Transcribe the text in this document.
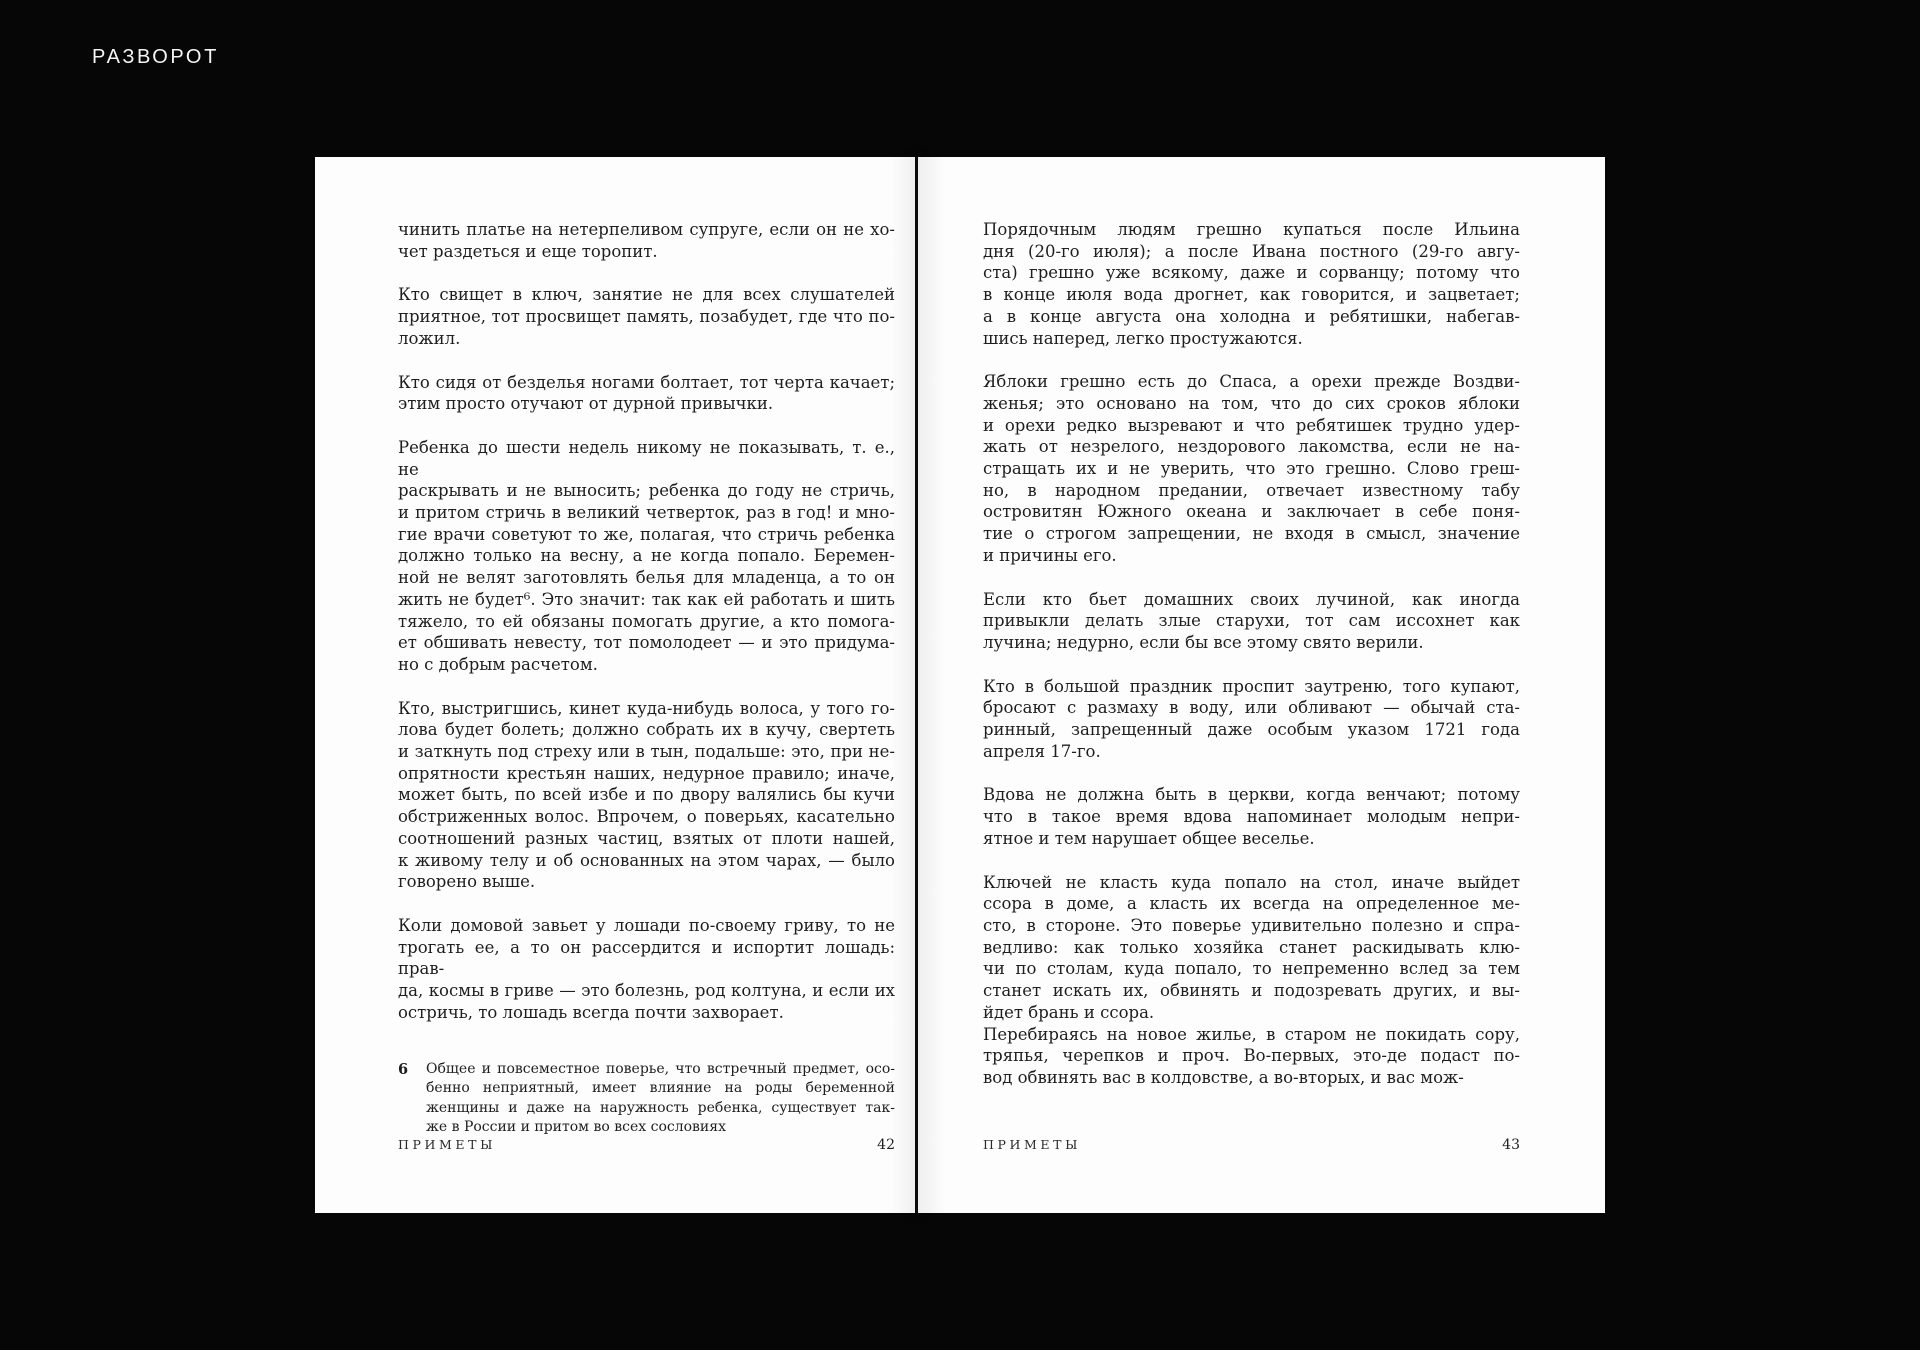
РАЗВОРОТ
чинить платье на нетерпеливом супруге, если он не хо-
чет раздеться и еще торопит.
Кто свищет в ключ, занятие не для всех слушателей
приятное, тот просвищет память, позабудет, где что по-
ложил.
Кто сидя от безделья ногами болтает, тот черта качает;
этим просто отучают от дурной привычки.
Ребенка до шести недель никому не показывать, т. е., не
раскрывать и не выносить; ребенка до году не стричь,
и притом стричь в великий четверток, раз в год! и мно-
гие врачи советуют то же, полагая, что стричь ребенка
должно только на весну, а не когда попало. Беремен-
ной не велят заготовлять белья для младенца, а то он
жить не будет⁶. Это значит: так как ей работать и шить
тяжело, то ей обязаны помогать другие, а кто помога-
ет обшивать невесту, тот помолодеет — и это придума-
но с добрым расчетом.
Кто, выстригшись, кинет куда-нибудь волоса, у того го-
лова будет болеть; должно собрать их в кучу, свертеть
и заткнуть под стреху или в тын, подальше: это, при не-
опрятности крестьян наших, недурное правило; иначе,
может быть, по всей избе и по двору валялись бы кучи
обстриженных волос. Впрочем, о поверьях, касательно
соотношений разных частиц, взятых от плоти нашей,
к живому телу и об основанных на этом чарах, — было
говорено выше.
Коли домовой завьет у лошади по-своему гриву, то не
трогать ее, а то он рассердится и испортит лошадь: прав-
да, космы в гриве — это болезнь, род колтуна, и если их
остричь, то лошадь всегда почти захворает.
6	Общее и повсеместное поверье, что встречный предмет, осо-
бенно неприятный, имеет влияние на роды беременной
женщины и даже на наружность ребенка, существует так-
же в России и притом во всех сословиях
ПРИМЕТЫ	42
Порядочным людям грешно купаться после Ильина
дня (20-го июля); а после Ивана постного (29-го авгу-
ста) грешно уже всякому, даже и сорванцу; потому что
в конце июля вода дрогнет, как говорится, и зацветает;
а в конце августа она холодна и ребятишки, набегав-
шись наперед, легко простужаются.
Яблоки грешно есть до Спаса, а орехи прежде Воздви-
женья; это основано на том, что до сих сроков яблоки
и орехи редко вызревают и что ребятишек трудно удер-
жать от незрелого, нездорового лакомства, если не на-
стращать их и не уверить, что это грешно. Слово греш-
но, в народном предании, отвечает известному табу
островитян Южного океана и заключает в себе поня-
тие о строгом запрещении, не входя в смысл, значение
и причины его.
Если кто бьет домашних своих лучиной, как иногда
привыкли делать злые старухи, тот сам иссохнет как
лучина; недурно, если бы все этому свято верили.
Кто в большой праздник проспит заутреню, того купают,
бросают с размаху в воду, или обливают — обычай ста-
ринный, запрещенный даже особым указом 1721 года
апреля 17-го.
Вдова не должна быть в церкви, когда венчают; потому
что в такое время вдова напоминает молодым непри-
ятное и тем нарушает общее веселье.
Ключей не класть куда попало на стол, иначе выйдет
ссора в доме, а класть их всегда на определенное ме-
сто, в стороне. Это поверье удивительно полезно и спра-
ведливо: как только хозяйка станет раскидывать клю-
чи по столам, куда попало, то непременно вслед за тем
станет искать их, обвинять и подозревать других, и вы-
йдет брань и ссора.
Перебираясь на новое жилье, в старом не покидать сору,
тряпья, черепков и проч. Во-первых, это-де подаст по-
вод обвинять вас в колдовстве, а во-вторых, и вас мож-
ПРИМЕТЫ	43
